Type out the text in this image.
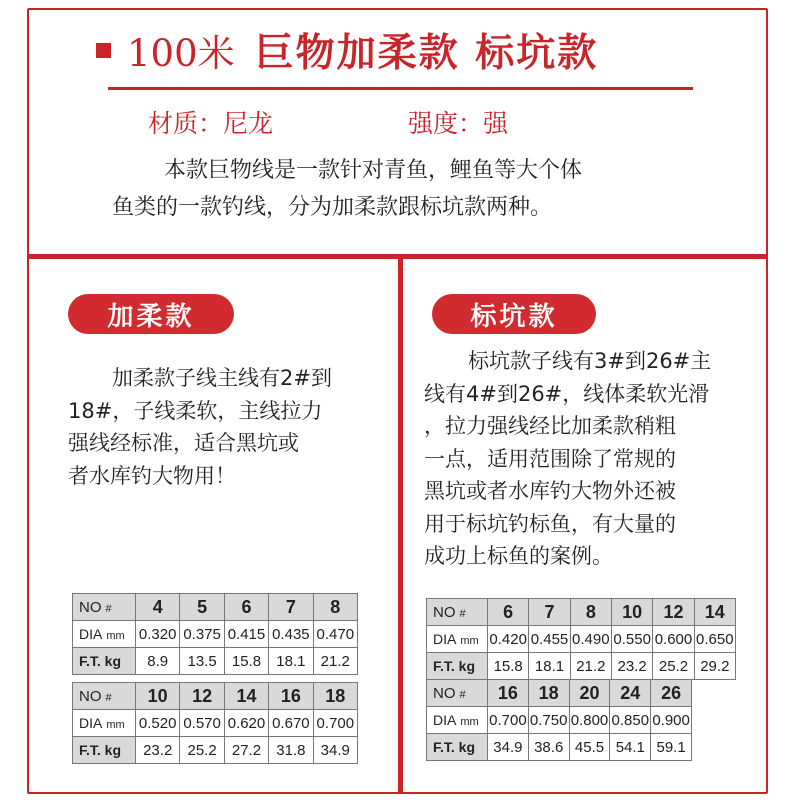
100米 巨物加柔款 标坑款
材质：尼龙	强度：强
本款巨物线是一款针对青鱼，鲤鱼等大个体
鱼类的一款钓线，分为加柔款跟标坑款两种。
加柔款
加柔款子线主线有2#到
18#，子线柔软，主线拉力
强线经标准，适合黑坑或
者水库钓大物用！
NO #	4	5	6	7	8
DIA mm	0.320	0.375	0.415	0.435	0.470
F.T. kg	8.9	13.5	15.8	18.1	21.2
NO #	10	12	14	16	18
DIA mm	0.520	0.570	0.620	0.670	0.700
F.T. kg	23.2	25.2	27.2	31.8	34.9
标坑款
标坑款子线有3#到26#主
线有4#到26#，线体柔软光滑
，拉力强线经比加柔款稍粗
一点，适用范围除了常规的
黑坑或者水库钓大物外还被
用于标坑钓标鱼，有大量的
成功上标鱼的案例。
NO #	6	7	8	10	12	14
DIA mm	0.420	0.455	0.490	0.550	0.600	0.650
F.T. kg	15.8	18.1	21.2	23.2	25.2	29.2
NO #	16	18	20	24	26
DIA mm	0.700	0.750	0.800	0.850	0.900
F.T. kg	34.9	38.6	45.5	54.1	59.1
